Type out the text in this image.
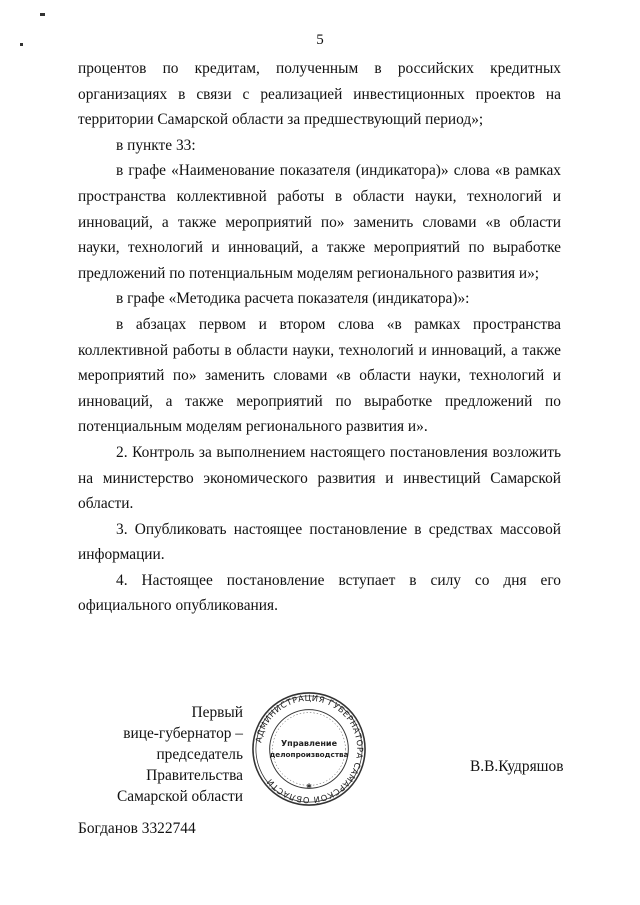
5

процентов по кредитам, полученным в российских кредитных организациях в связи с реализацией инвестиционных проектов на территории Самарской области за предшествующий период»;

в пункте 33:

в графе «Наименование показателя (индикатора)» слова «в рамках пространства коллективной работы в области науки, технологий и инноваций, а также мероприятий по» заменить словами «в области науки, технологий и инноваций, а также мероприятий по выработке предложений по потенциальным моделям регионального развития и»;

в графе «Методика расчета показателя (индикатора)»:

в абзацах первом и втором слова «в рамках пространства коллективной работы в области науки, технологий и инноваций, а также мероприятий по» заменить словами «в области науки, технологий и инноваций, а также мероприятий по выработке предложений по потенциальным моделям регионального развития и».

2. Контроль за выполнением настоящего постановления возложить на министерство экономического развития и инвестиций Самарской области.

3. Опубликовать настоящее постановление в средствах массовой информации.

4. Настоящее постановление вступает в силу со дня его официального опубликования.

Первый
вице-губернатор –
председатель Правительства
Самарской области
АДМИНИСТРАЦИЯ ГУБЕРНАТОРА САМАРСКОЙ ОБЛАСТИ
Управление
делопроизводства
✱
В.В.Кудряшов
Богданов 3322744
